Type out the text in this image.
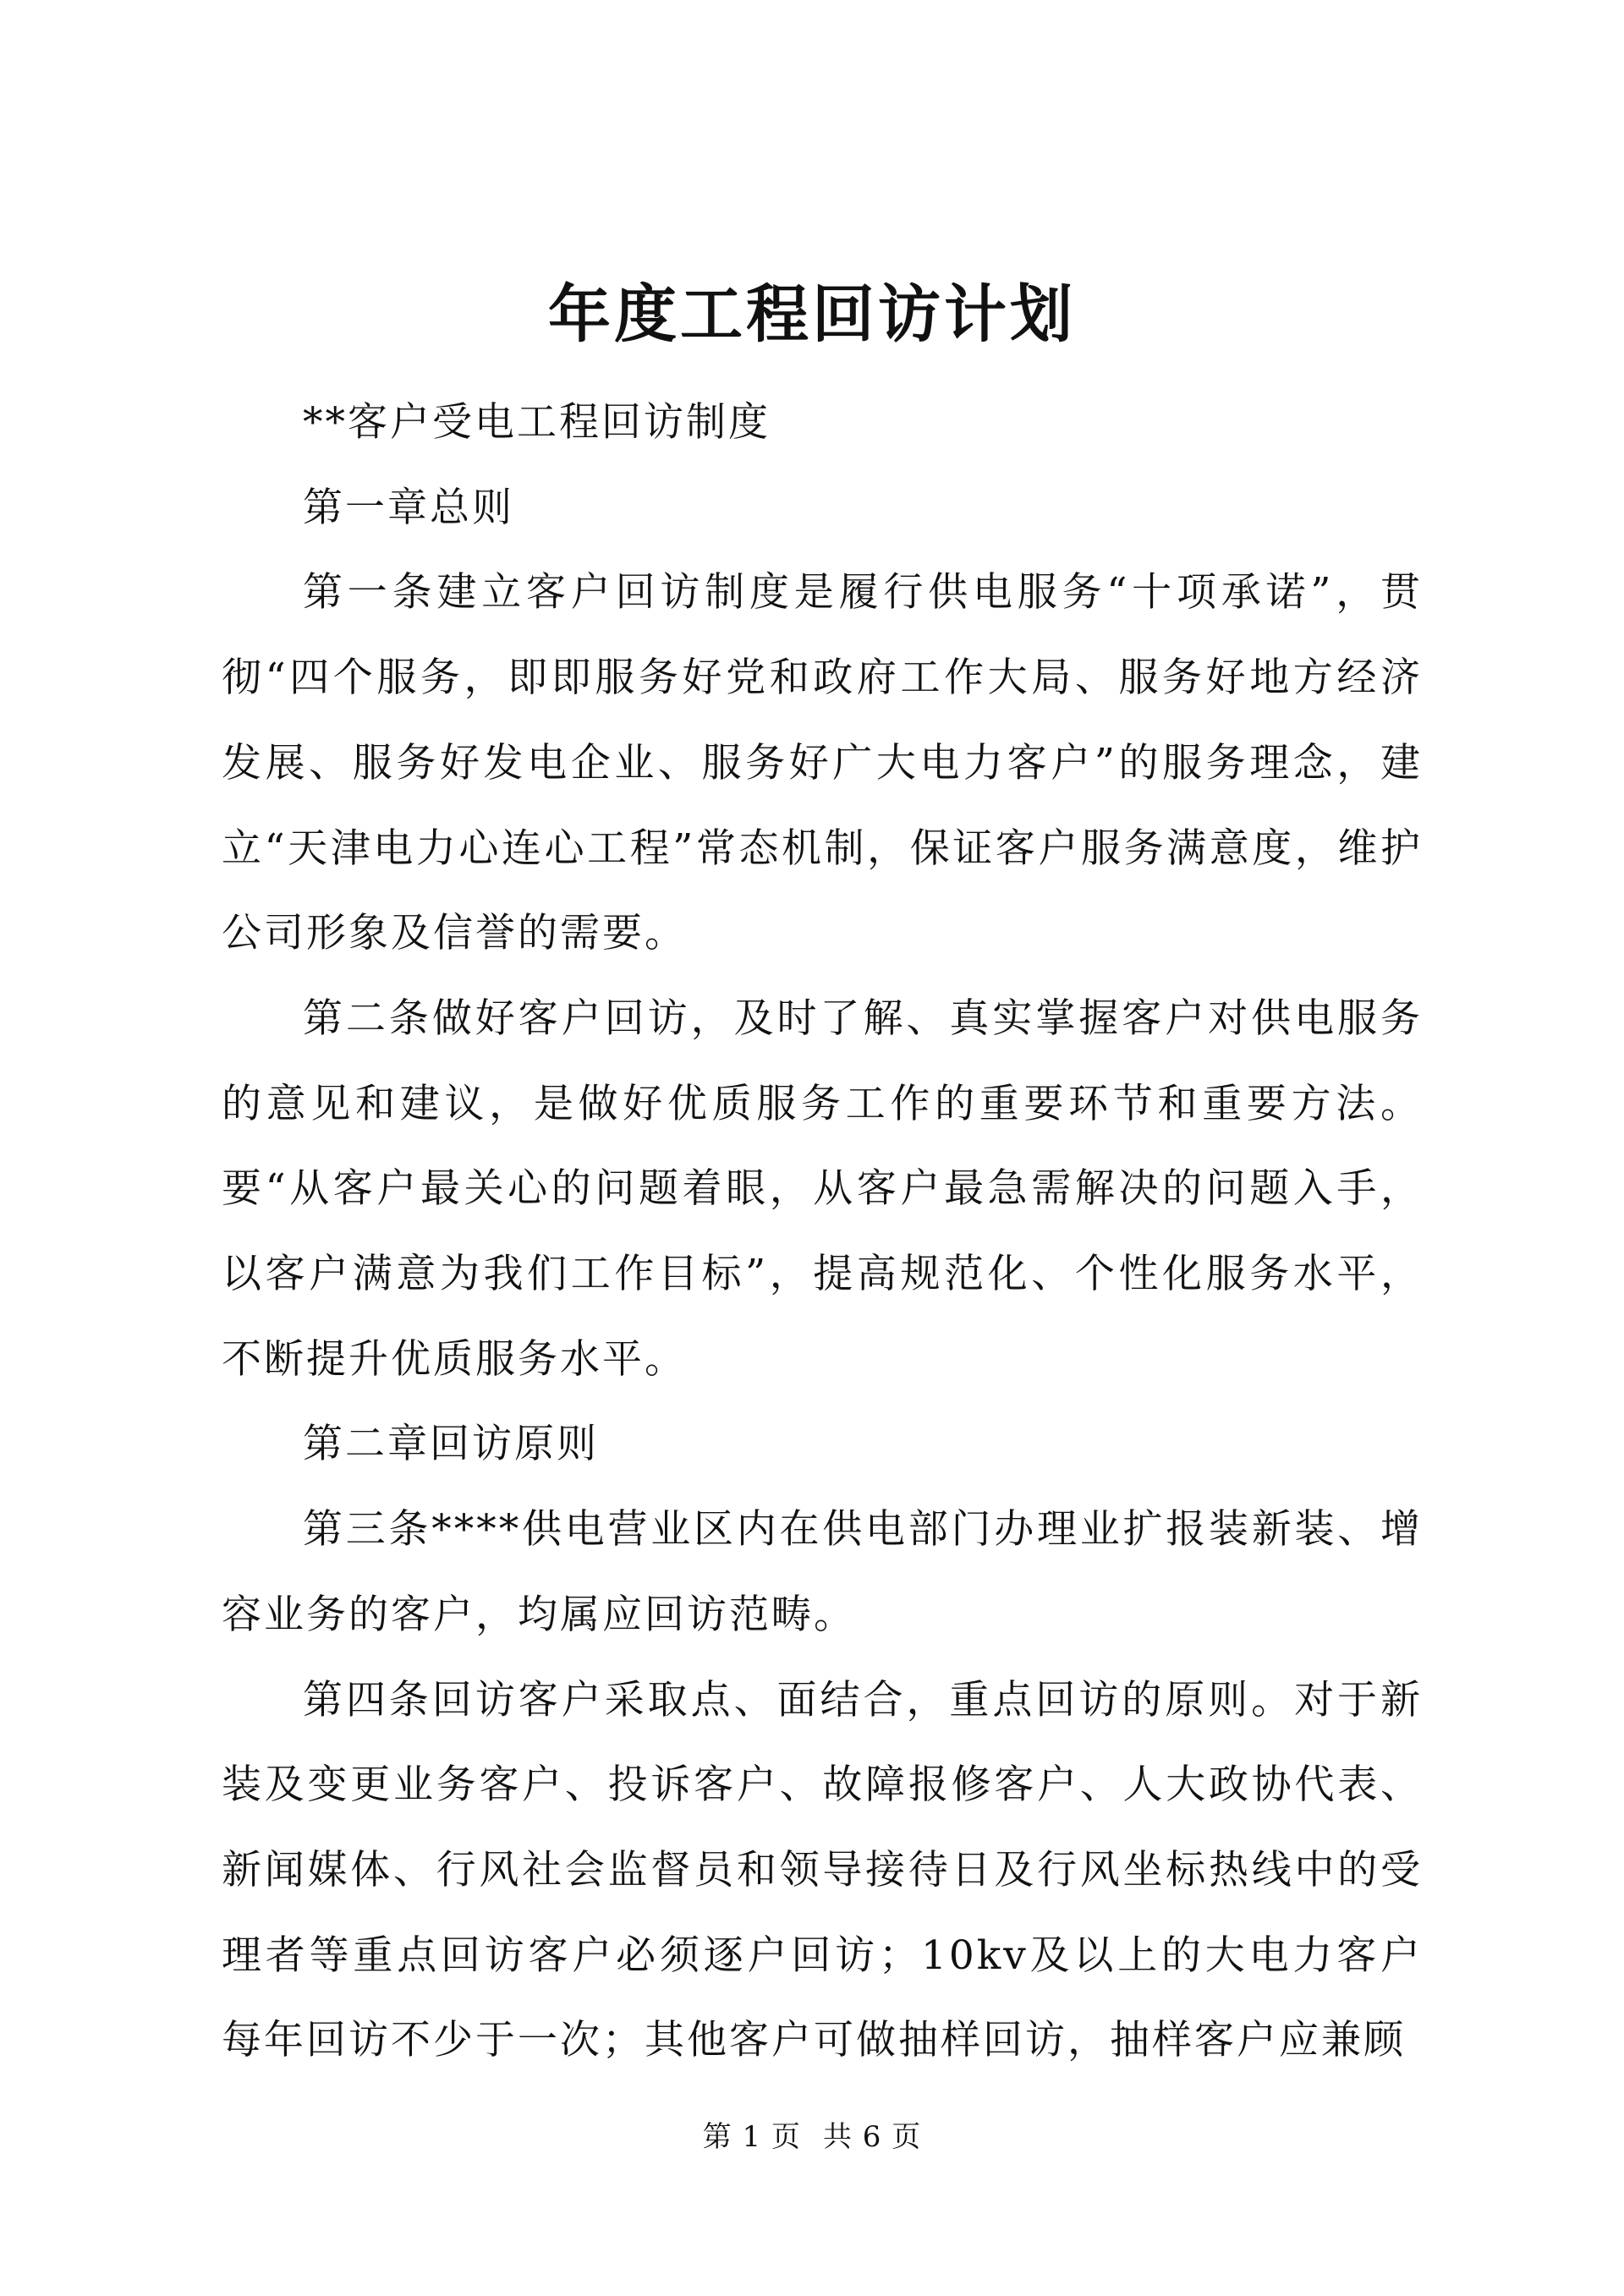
年度工程回访计划

**客户受电工程回访制度

第一章总则

第一条建立客户回访制度是履行供电服务“十项承诺”，贯彻“四个服务，即即服务好党和政府工作大局、服务好地方经济发展、服务好发电企业、服务好广大电力客户”的服务理念，建立“天津电力心连心工程”常态机制，保证客户服务满意度，维护公司形象及信誉的需要。

第二条做好客户回访，及时了解、真实掌握客户对供电服务的意见和建议，是做好优质服务工作的重要环节和重要方法。要“从客户最关心的问题着眼，从客户最急需解决的问题入手，以客户满意为我们工作目标”，提高规范化、个性化服务水平，不断提升优质服务水平。

第二章回访原则

第三条****供电营业区内在供电部门办理业扩报装新装、增容业务的客户，均属应回访范畴。

第四条回访客户采取点、面结合，重点回访的原则。对于新装及变更业务客户、投诉客户、故障报修客户、人大政协代表、新闻媒体、行风社会监督员和领导接待日及行风坐标热线中的受理者等重点回访客户必须逐户回访；10kv及以上的大电力客户每年回访不少于一次；其他客户可做抽样回访，抽样客户应兼顾

第 1 页 共 6 页
